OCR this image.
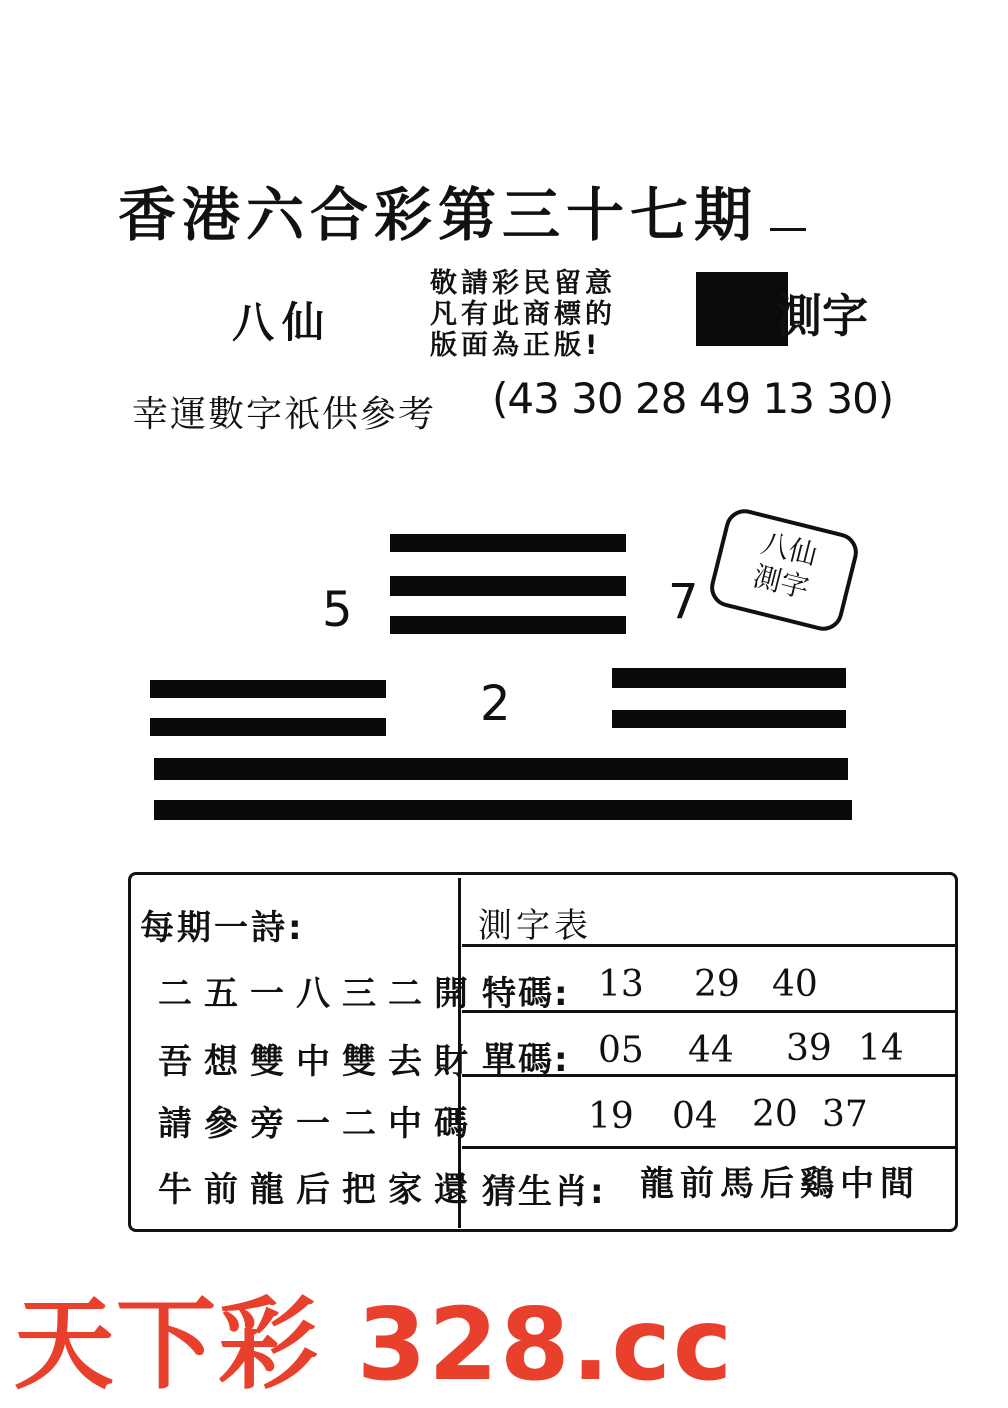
香港六合彩第三十七期
八仙
敬請彩民留意
凡有此商標的
版面為正版!
測字
幸運數字祇供參考 (43 30 28 49 13 30)
5	7
八仙
測字
2
每期一詩:
二五一八三二開
吾想雙中雙去財
請參旁一二中碼
牛前龍后把家還
測字表
特碼: 13 29 40
單碼: 05 44 39 14
19 04 20 37
猜生肖: 龍前馬后鷄中間
天下彩 328.cc
